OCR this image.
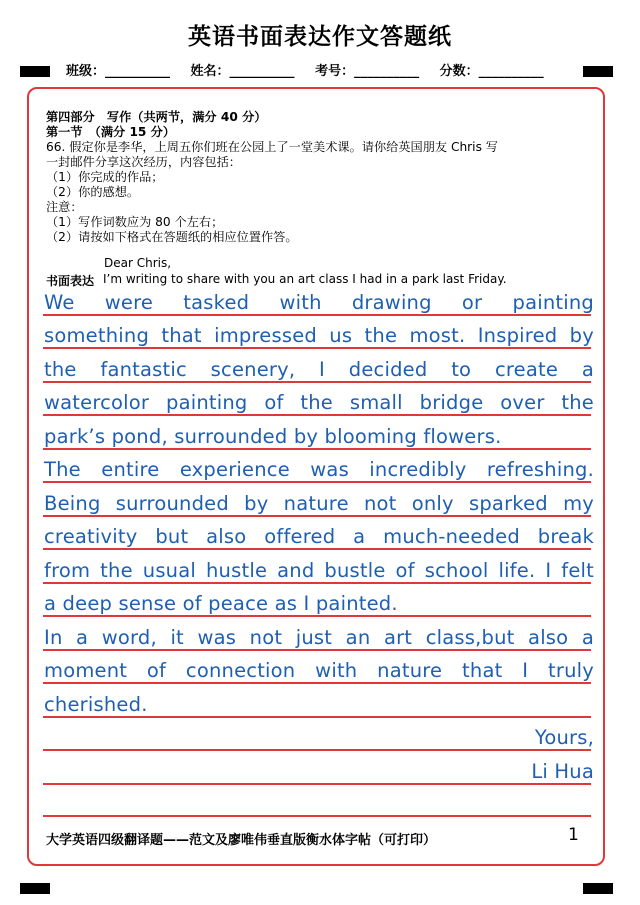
英语书面表达作文答题纸
班级：__________ 姓名：__________ 考号：__________ 分数：__________
第四部分　写作（共两节，满分 40 分）
第一节　（满分 15 分）
66. 假定你是李华，上周五你们班在公园上了一堂美术课。请你给英国朋友 Chris 写
一封邮件分享这次经历，内容包括：
（1）你完成的作品；
（2）你的感想。
注意：
（1）写作词数应为 80 个左右；
（2）请按如下格式在答题纸的相应位置作答。
Dear Chris,
书面表达 I’m writing to share with you an art class I had in a park last Friday.
We were tasked with drawing or painting
something that impressed us the most. Inspired by
the fantastic scenery, I decided to create a
watercolor painting of the small bridge over the
park’s pond, surrounded by blooming flowers.
The entire experience was incredibly refreshing.
Being surrounded by nature not only sparked my
creativity but also offered a much-needed break
from the usual hustle and bustle of school life. I felt
a deep sense of peace as I painted.
In a word, it was not just an art class,but also a
moment of connection with nature that I truly
cherished.
Yours,
Li Hua
大学英语四级翻译题——范文及廖唯伟垂直版衡水体字帖（可打印）	1
